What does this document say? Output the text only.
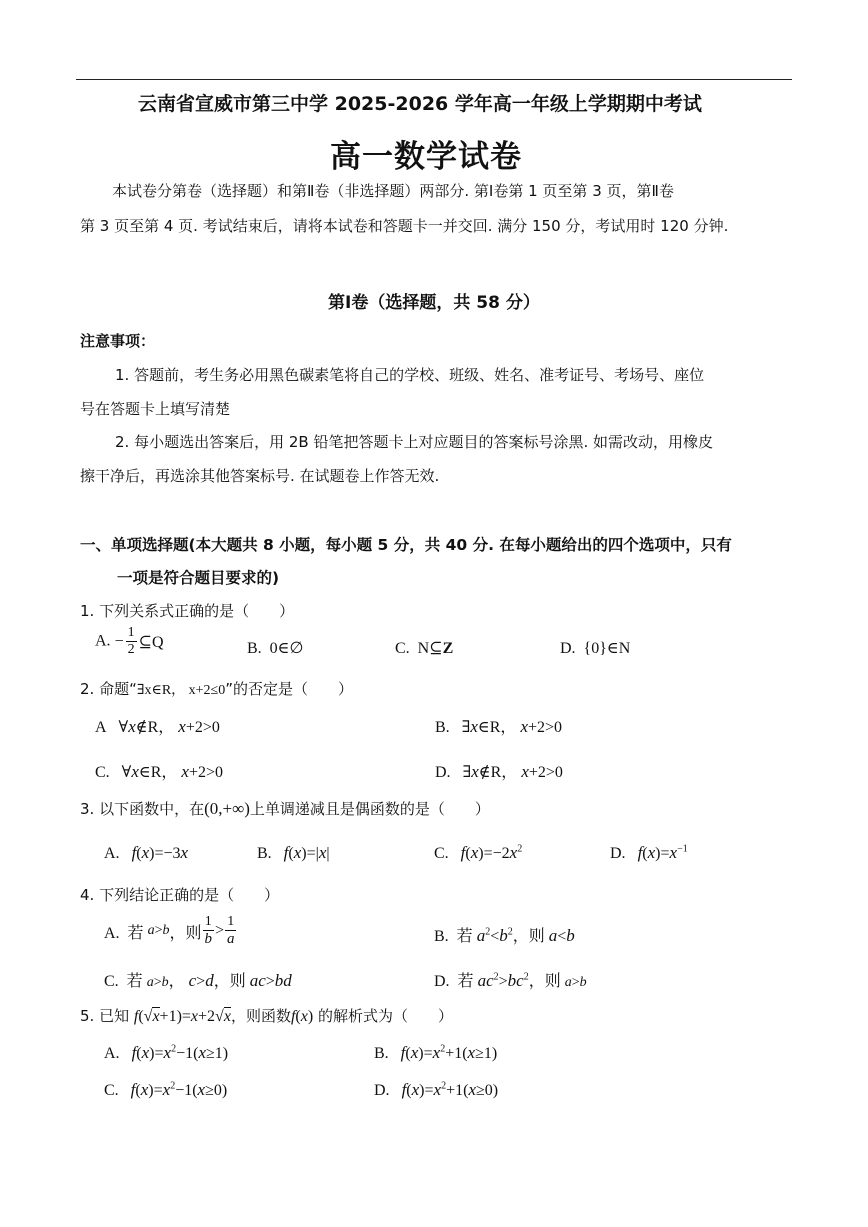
云南省宣威市第三中学 2025-2026 学年高一年级上学期期中考试
高一数学试卷
本试卷分第卷（选择题）和第Ⅱ卷（非选择题）两部分. 第Ⅰ卷第 1 页至第 3 页，第Ⅱ卷
第 3 页至第 4 页. 考试结束后，请将本试卷和答题卡一并交回. 满分 150 分，考试用时 120 分钟.
第Ⅰ卷（选择题，共 58 分）
注意事项：
1. 答题前，考生务必用黑色碳素笔将自己的学校、班级、姓名、准考证号、考场号、座位
号在答题卡上填写清楚
2. 每小题选出答案后，用 2B 铅笔把答题卡上对应题目的答案标号涂黑. 如需改动，用橡皮
擦干净后，再选涂其他答案标号. 在试题卷上作答无效.
一、单项选择题(本大题共 8 小题，每小题 5 分，共 40 分. 在每小题给出的四个选项中，只有
一项是符合题目要求的)
1. 下列关系式正确的是（　　）
A. − $\frac{1}{2}$ ⊆Q	B.  0∈∅	C.  N⊆Z	D.  {0}∈N
2. 命题“∃x∈R， x+2≤0”的否定是（　　）
A   ∀x∉R， x+2>0	B.   ∃x∈R， x+2>0
C.   ∀x∈R， x+2>0	D.   ∃x∉R， x+2>0
3. 以下函数中，在(0,+∞)上单调递减且是偶函数的是（　　）
A.   f(x)=−3x	B.   f(x)=|x|	C.   $f(x)=-2x^2$	D.   $f(x)=x^{-1}$
4. 下列结论正确的是（　　）
A.  若 a > b ，则 $\frac{1}{b} > \frac{1}{a}$	B.  若 $a^2<b^2$，则 a<b
C.  若 a>b， c>d，则 ac>bd	D.  若 $ac^2>bc^2$，则 a>b
5. 已知 f(√x+1)=x+2√x，则函数f(x) 的解析式为（　　）
A.   $f(x)=x^2-1(x\ge 1)$	B.   $f(x)=x^2+1(x\ge 1)$
C.   $f(x)=x^2-1(x\ge 0)$	D.   $f(x)=x^2+1(x\ge 0)$
